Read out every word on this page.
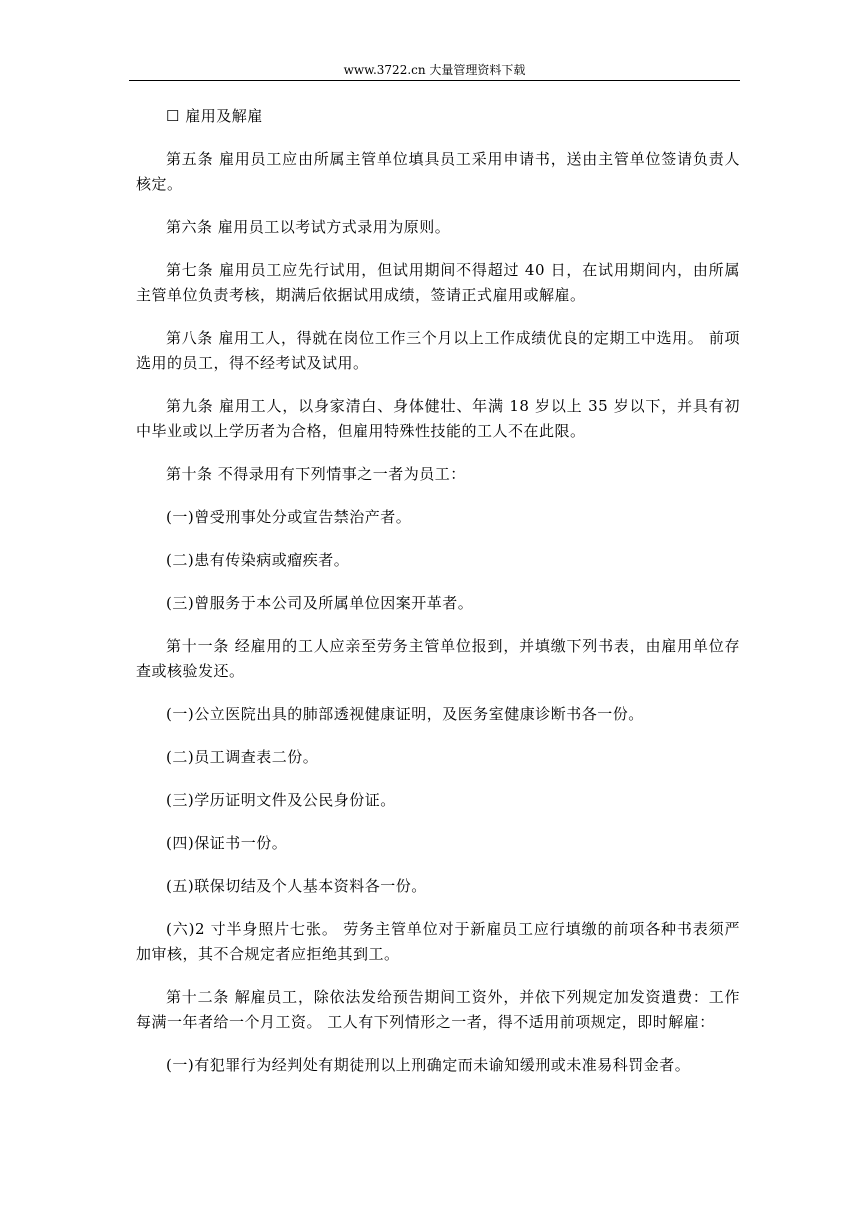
www.3722.cn 大量管理资料下载

☐ 雇用及解雇

第五条 雇用员工应由所属主管单位填具员工采用申请书，送由主管单位签请负责人核定。

第六条 雇用员工以考试方式录用为原则。

第七条 雇用员工应先行试用，但试用期间不得超过 40 日，在试用期间内，由所属主管单位负责考核，期满后依据试用成绩，签请正式雇用或解雇。

第八条 雇用工人，得就在岗位工作三个月以上工作成绩优良的定期工中选用。 前项选用的员工，得不经考试及试用。

第九条 雇用工人，以身家清白、身体健壮、年满 18 岁以上 35 岁以下，并具有初中毕业或以上学历者为合格，但雇用特殊性技能的工人不在此限。

第十条 不得录用有下列情事之一者为员工：

(一)曾受刑事处分或宣告禁治产者。

(二)患有传染病或瘤疾者。

(三)曾服务于本公司及所属单位因案开革者。

第十一条 经雇用的工人应亲至劳务主管单位报到，并填缴下列书表，由雇用单位存查或核验发还。

(一)公立医院出具的肺部透视健康证明，及医务室健康诊断书各一份。

(二)员工调查表二份。

(三)学历证明文件及公民身份证。

(四)保证书一份。

(五)联保切结及个人基本资料各一份。

(六)2 寸半身照片七张。 劳务主管单位对于新雇员工应行填缴的前项各种书表须严加审核，其不合规定者应拒绝其到工。

第十二条 解雇员工，除依法发给预告期间工资外，并依下列规定加发资遣费：工作每满一年者给一个月工资。 工人有下列情形之一者，得不适用前项规定，即时解雇：

(一)有犯罪行为经判处有期徒刑以上刑确定而未谕知缓刑或未准易科罚金者。
